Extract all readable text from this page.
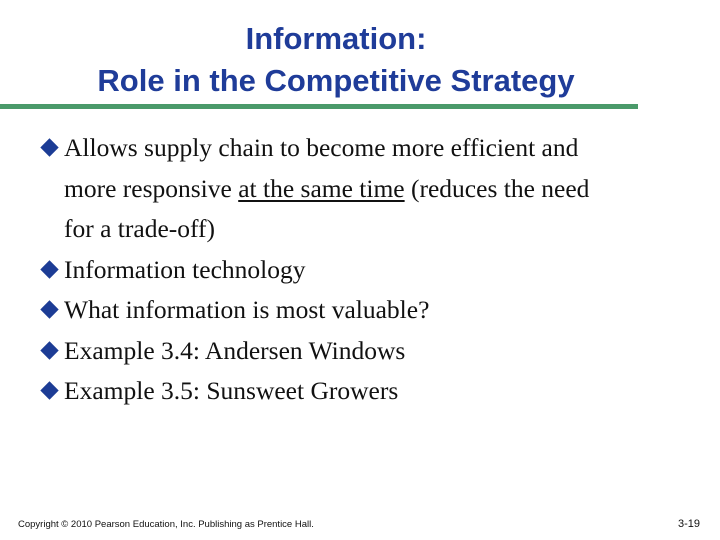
Information:
Role in the Competitive Strategy
Allows supply chain to become more efficient and
more responsive at the same time (reduces the need
for a trade-off)
Information technology
What information is most valuable?
Example 3.4: Andersen Windows
Example 3.5: Sunsweet Growers
Copyright © 2010 Pearson Education, Inc. Publishing as Prentice Hall.	3-19
